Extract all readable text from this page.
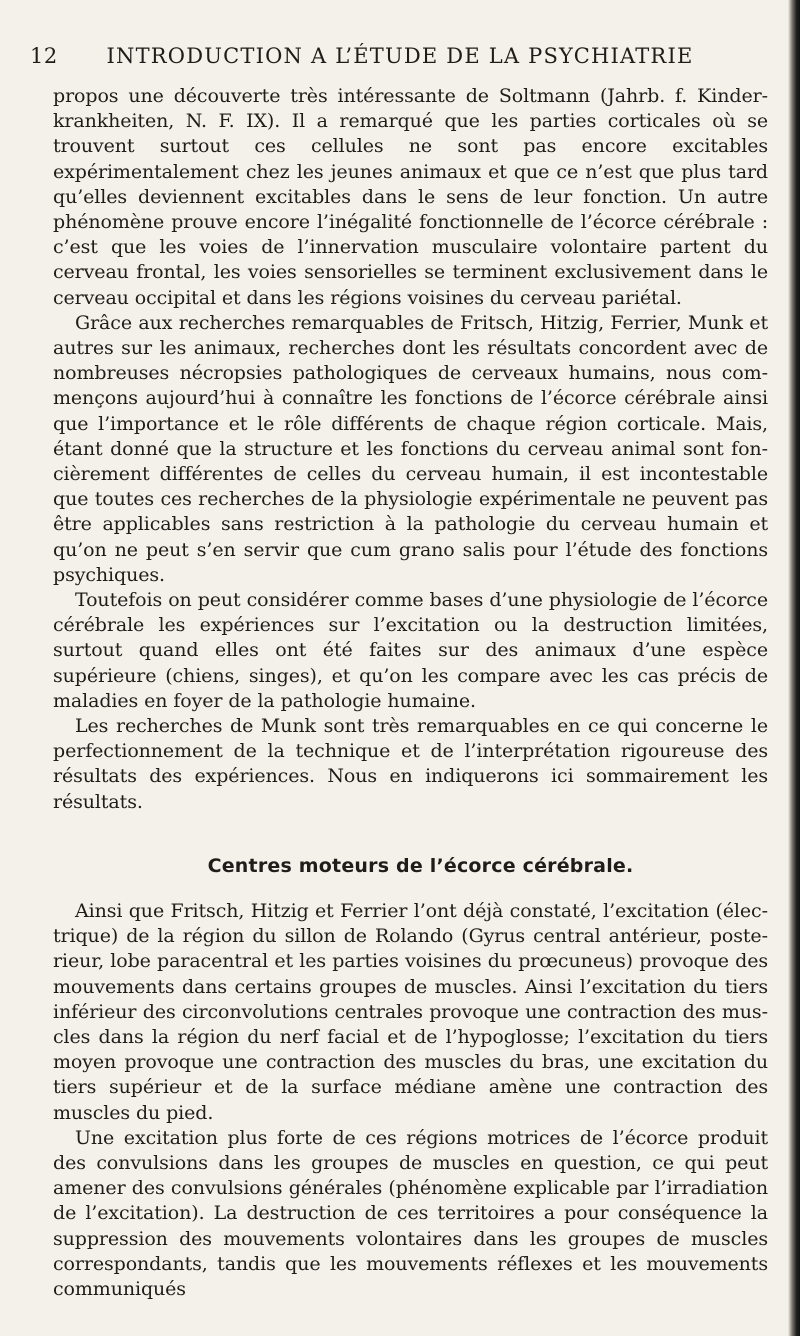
12	INTRODUCTION A L’ÉTUDE DE LA PSYCHIATRIE

propos une découverte très intéressante de Soltmann (Jahrb. f. Kinderkrankheiten, N. F. IX). Il a remarqué que les parties corticales où se trouvent surtout ces cellules ne sont pas encore excitables expérimentalement chez les jeunes animaux et que ce n’est que plus tard qu’elles deviennent excitables dans le sens de leur fonction. Un autre phénomène prouve encore l’inégalité fonctionnelle de l’écorce cérébrale : c’est que les voies de l’innervation musculaire volontaire partent du cerveau frontal, les voies sensorielles se terminent exclusivement dans le cerveau occipital et dans les régions voisines du cerveau pariétal.

Grâce aux recherches remarquables de Fritsch, Hitzig, Ferrier, Munk et autres sur les animaux, recherches dont les résultats concordent avec de nombreuses nécropsies pathologiques de cerveaux humains, nous commençons aujourd’hui à connaître les fonctions de l’écorce cérébrale ainsi que l’importance et le rôle différents de chaque région corticale. Mais, étant donné que la structure et les fonctions du cerveau animal sont foncièrement différentes de celles du cerveau humain, il est incontestable que toutes ces recherches de la physiologie expérimentale ne peuvent pas être applicables sans restriction à la pathologie du cerveau humain et qu’on ne peut s’en servir que cum grano salis pour l’étude des fonctions psychiques.

Toutefois on peut considérer comme bases d’une physiologie de l’écorce cérébrale les expériences sur l’excitation ou la destruction limitées, surtout quand elles ont été faites sur des animaux d’une espèce supérieure (chiens, singes), et qu’on les compare avec les cas précis de maladies en foyer de la pathologie humaine.

Les recherches de Munk sont très remarquables en ce qui concerne le perfectionnement de la technique et de l’interprétation rigoureuse des résultats des expériences. Nous en indiquerons ici sommairement les résultats.

Centres moteurs de l’écorce cérébrale.

Ainsi que Fritsch, Hitzig et Ferrier l’ont déjà constaté, l’excitation (électrique) de la région du sillon de Rolando (Gyrus central antérieur, posterieur, lobe paracentral et les parties voisines du prœcuneus) provoque des mouvements dans certains groupes de muscles. Ainsi l’excitation du tiers inférieur des circonvolutions centrales provoque une contraction des muscles dans la région du nerf facial et de l’hypoglosse; l’excitation du tiers moyen provoque une contraction des muscles du bras, une excitation du tiers supérieur et de la surface médiane amène une contraction des muscles du pied.

Une excitation plus forte de ces régions motrices de l’écorce produit des convulsions dans les groupes de muscles en question, ce qui peut amener des convulsions générales (phénomène explicable par l’irradiation de l’excitation). La destruction de ces territoires a pour conséquence la suppression des mouvements volontaires dans les groupes de muscles correspondants, tandis que les mouvements réflexes et les mouvements communiqués
